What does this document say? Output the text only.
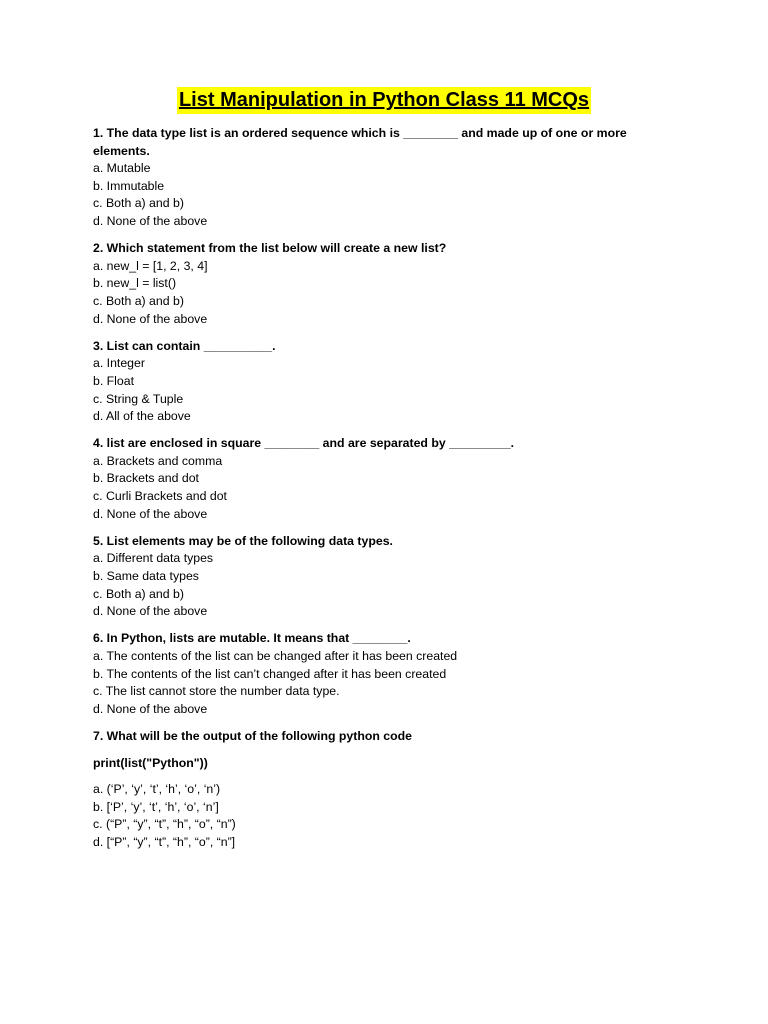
List Manipulation in Python Class 11 MCQs
1. The data type list is an ordered sequence which is ________ and made up of one or more elements.
a. Mutable
b. Immutable
c. Both a) and b)
d. None of the above
2. Which statement from the list below will create a new list?
a. new_l = [1, 2, 3, 4]
b. new_l = list()
c. Both a) and b)
d. None of the above
3. List can contain __________.
a. Integer
b. Float
c. String & Tuple
d. All of the above
4. list are enclosed in square ________ and are separated by _________.
a. Brackets and comma
b. Brackets and dot
c. Curli Brackets and dot
d. None of the above
5. List elements may be of the following data types.
a. Different data types
b. Same data types
c. Both a) and b)
d. None of the above
6. In Python, lists are mutable. It means that ________.
a. The contents of the list can be changed after it has been created
b. The contents of the list can’t changed after it has been created
c. The list cannot store the number data type.
d. None of the above
7. What will be the output of the following python code
print(list("Python"))
a. (‘P’, ‘y’, ‘t’, ‘h’, ‘o’, ‘n’)
b. [‘P’, ‘y’, ‘t’, ‘h’, ‘o’, ‘n’]
c. (“P”, “y”, “t”, “h”, “o”, “n”)
d. [“P”, “y”, “t”, “h”, “o”, “n”]
